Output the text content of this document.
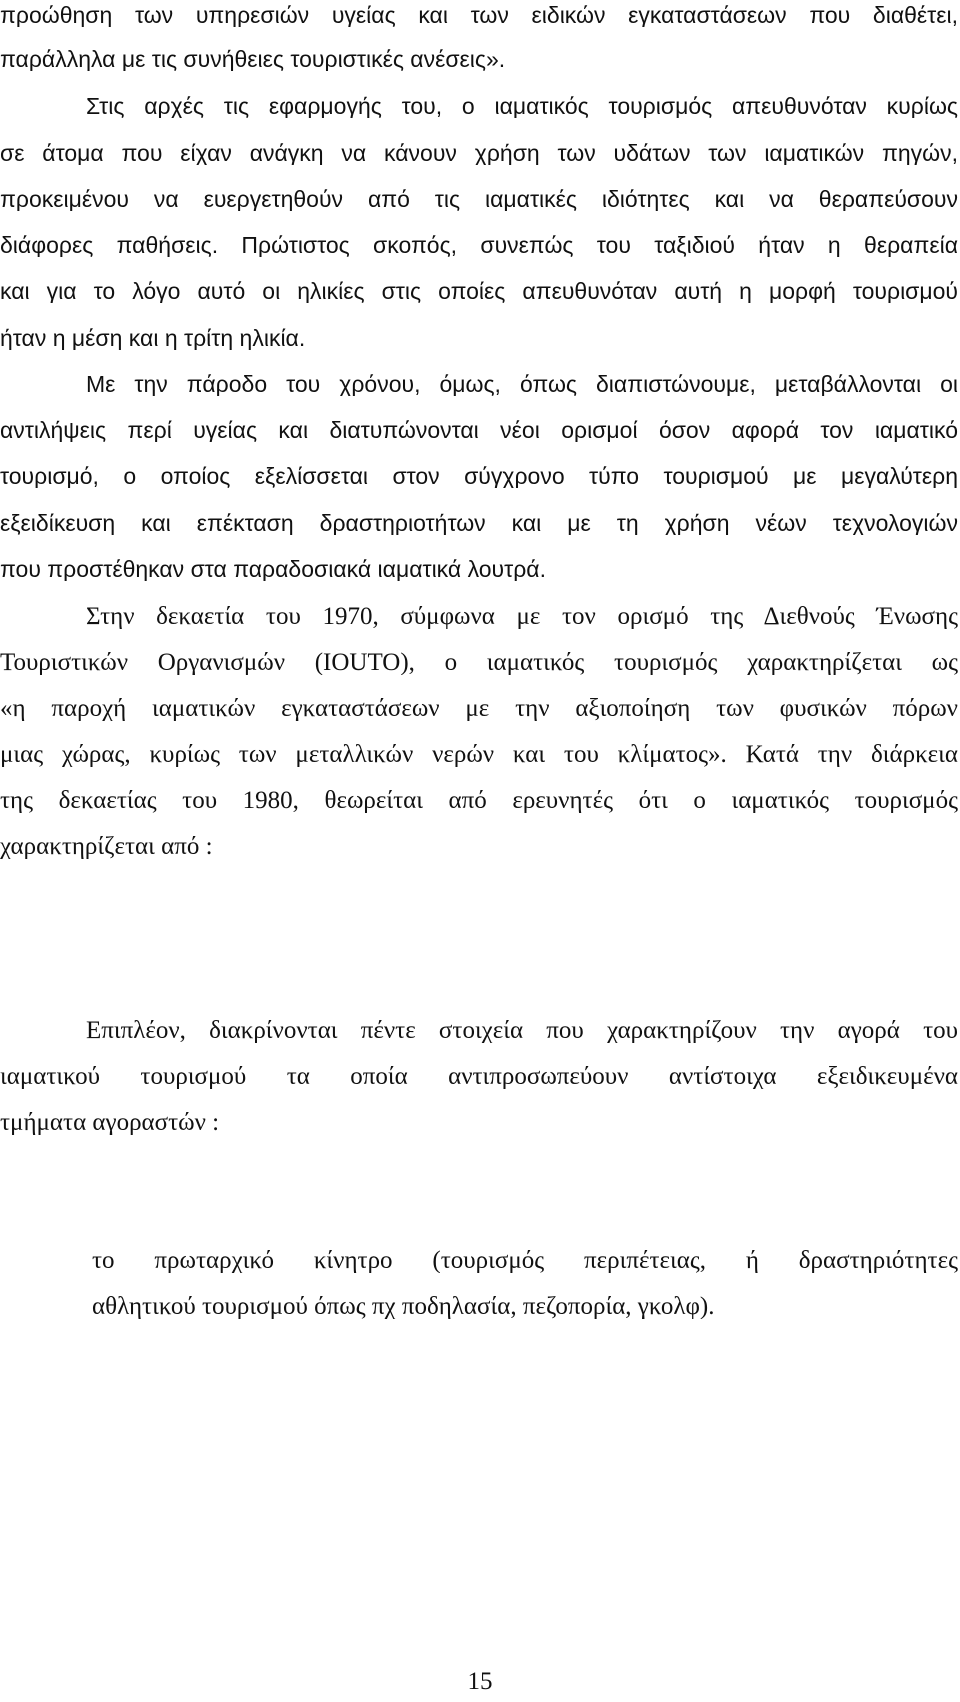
προώθηση των υπηρεσιών υγείας και των ειδικών εγκαταστάσεων που διαθέτει,
παράλληλα με τις συνήθειες τουριστικές ανέσεις».
Στις αρχές τις εφαρμογής του, ο ιαματικός τουρισμός απευθυνόταν κυρίως
σε άτομα που είχαν ανάγκη να κάνουν χρήση των υδάτων των ιαματικών πηγών,
προκειμένου να ευεργετηθούν από τις ιαματικές ιδιότητες και να θεραπεύσουν
διάφορες παθήσεις. Πρώτιστος σκοπός, συνεπώς του ταξιδιού ήταν η θεραπεία
και για το λόγο αυτό οι ηλικίες στις οποίες απευθυνόταν αυτή η μορφή τουρισμού
ήταν η μέση και η τρίτη ηλικία.
Με την πάροδο του χρόνου, όμως, όπως διαπιστώνουμε, μεταβάλλονται οι
αντιλήψεις περί υγείας και διατυπώνονται νέοι ορισμοί όσον αφορά τον ιαματικό
τουρισμό, ο οποίος εξελίσσεται στον σύγχρονο τύπο τουρισμού με μεγαλύτερη
εξειδίκευση και επέκταση δραστηριοτήτων και με τη χρήση νέων τεχνολογιών
που προστέθηκαν στα παραδοσιακά ιαματικά λουτρά.
Στην δεκαετία του 1970, σύμφωνα με τον ορισμό της Διεθνούς Ένωσης
Τουριστικών Οργανισμών (IOUTO), ο ιαματικός τουρισμός χαρακτηρίζεται ως
«η παροχή ιαματικών εγκαταστάσεων με την αξιοποίηση των φυσικών πόρων
μιας χώρας, κυρίως των μεταλλικών νερών και του κλίματος». Κατά την διάρκεια
της δεκαετίας του 1980, θεωρείται από ερευνητές ότι ο ιαματικός τουρισμός
χαρακτηρίζεται από :
Επιπλέον, διακρίνονται πέντε στοιχεία που χαρακτηρίζουν την αγορά του
ιαματικού τουρισμού τα οποία αντιπροσωπεύουν αντίστοιχα εξειδικευμένα
τμήματα αγοραστών :
το πρωταρχικό κίνητρο (τουρισμός περιπέτειας, ή δραστηριότητες
αθλητικού τουρισμού όπως πχ ποδηλασία, πεζοπορία, γκολφ).
15
